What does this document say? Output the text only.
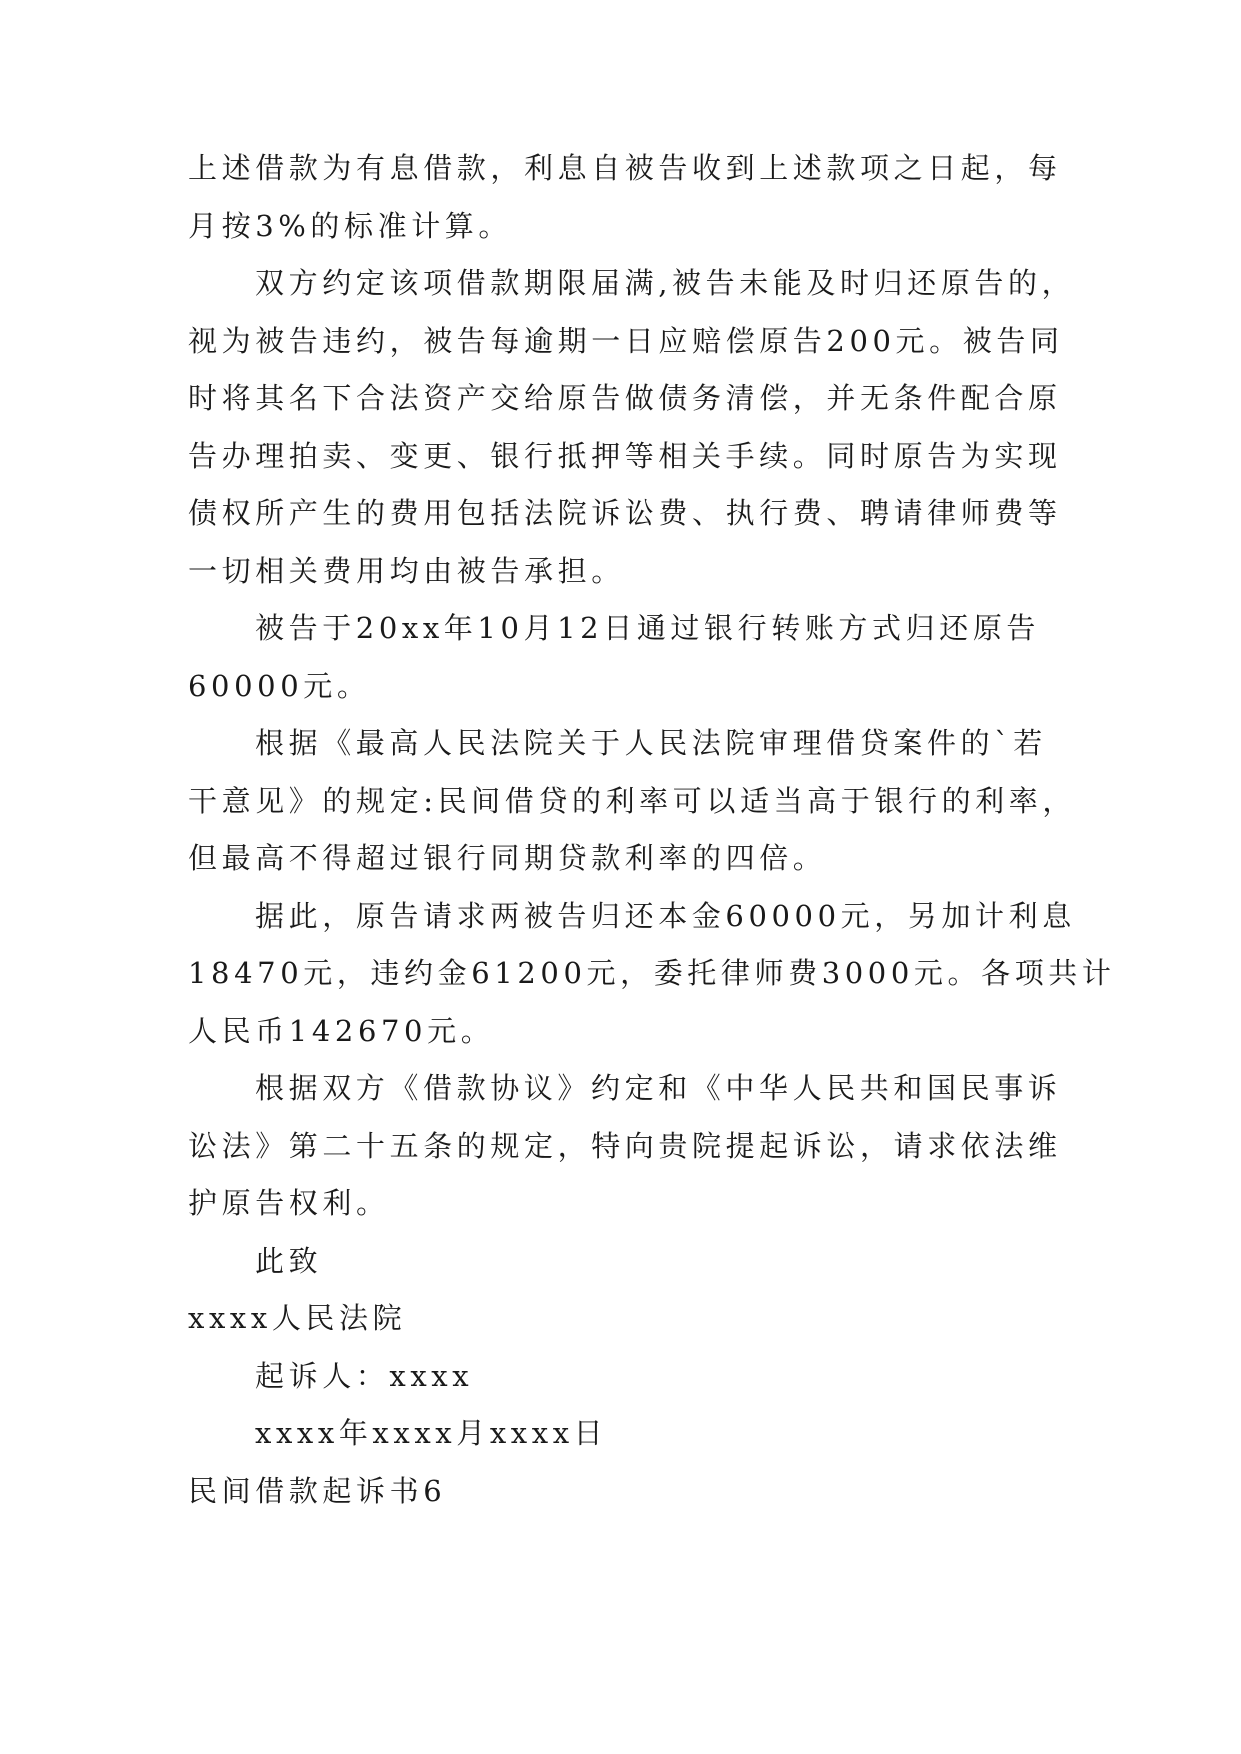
上述借款为有息借款，利息自被告收到上述款项之日起，每
月按3%的标准计算。
双方约定该项借款期限届满,被告未能及时归还原告的，
视为被告违约，被告每逾期一日应赔偿原告200元。被告同
时将其名下合法资产交给原告做债务清偿，并无条件配合原
告办理拍卖、变更、银行抵押等相关手续。同时原告为实现
债权所产生的费用包括法院诉讼费、执行费、聘请律师费等
一切相关费用均由被告承担。
被告于20xx年10月12日通过银行转账方式归还原告
60000元。
根据《最高人民法院关于人民法院审理借贷案件的`若
干意见》的规定:民间借贷的利率可以适当高于银行的利率，
但最高不得超过银行同期贷款利率的四倍。
据此，原告请求两被告归还本金60000元，另加计利息
18470元，违约金61200元，委托律师费3000元。各项共计
人民币142670元。
根据双方《借款协议》约定和《中华人民共和国民事诉
讼法》第二十五条的规定，特向贵院提起诉讼，请求依法维
护原告权利。
此致
xxxx人民法院
起诉人：xxxx
xxxx年xxxx月xxxx日
民间借款起诉书6
